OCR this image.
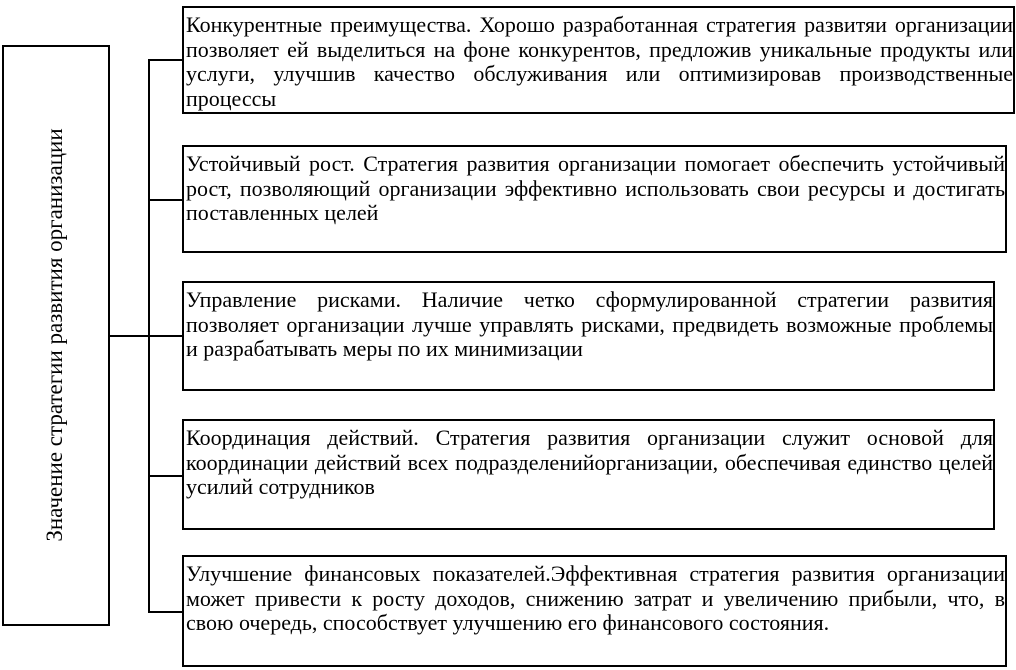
Значение стратегии развития организации
Конкурентные преимущества. Хорошо разработанная стратегия развитяи организации позволяет ей выделиться на фоне конкурентов, предложив уникальные продукты или услуги, улучшив качество обслуживания или оптимизировав производственные процессы
Устойчивый рост. Стратегия развития организации помогает обеспечить устойчивый рост, позволяющий организации эффективно использовать свои ресурсы и достигать поставленных целей
Управление рисками. Наличие четко сформулированной стратегии развития позволяет организации лучше управлять рисками, предвидеть возможные проблемы и разрабатывать меры по их минимизации
Координация действий. Стратегия развития организации служит основой для координации действий всех подразделенийорганизации, обеспечивая единство целей усилий сотрудников
Улучшение финансовых показателей.Эффективная стратегия развития организации может привести к росту доходов, снижению затрат и увеличению прибыли, что, в свою очередь, способствует улучшению его финансового состояния.
